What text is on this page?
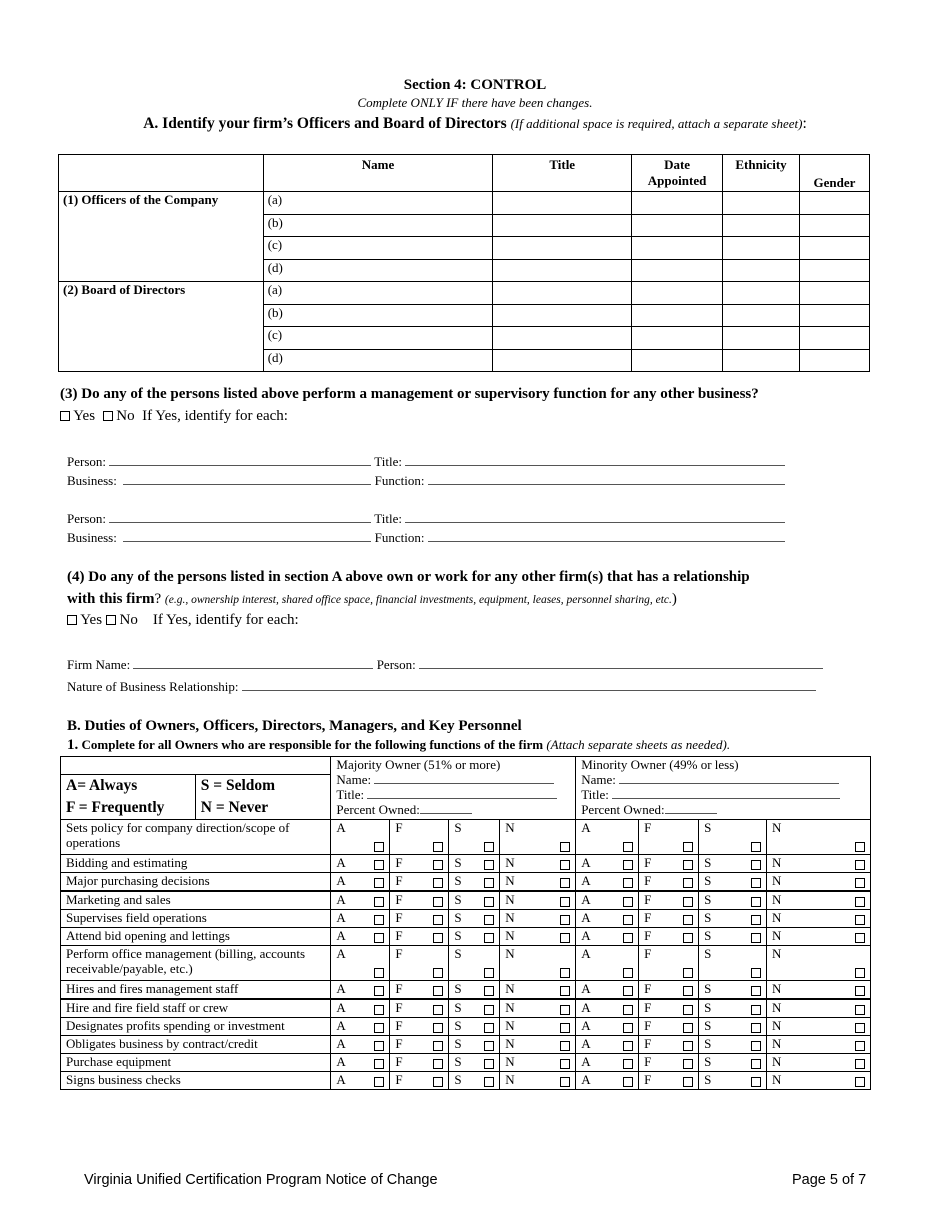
Section 4: CONTROL
Complete ONLY IF there have been changes.
A. Identify your firm’s Officers and Board of Directors (If additional space is required, attach a separate sheet):
	Name	Title	Date Appointed	Ethnicity	Gender
(1) Officers of the Company	(a)				
	(b)				
	(c)				
	(d)				
(2) Board of Directors	(a)				
	(b)				
	(c)				
	(d)				
(3) Do any of the persons listed above perform a management or supervisory function for any other business?
Yes No If Yes, identify for each:
Person:	Title:
Business:	Function:
Person:	Title:
Business:	Function:
(4) Do any of the persons listed in section A above own or work for any other firm(s) that has a relationship
with this firm? (e.g., ownership interest, shared office space, financial investments, equipment, leases, personnel sharing, etc.)
Yes No If Yes, identify for each:
Firm Name:	Person:
Nature of Business Relationship:
B. Duties of Owners, Officers, Directors, Managers, and Key Personnel
1. Complete for all Owners who are responsible for the following functions of the firm (Attach separate sheets as needed).

Majority Owner (51% or more)
Name:
Title:
Percent Owned:

Minority Owner (49% or less)
Name:
Title:
Percent Owned:

A= Always
F = Frequently

S = Seldom
N = Never

Sets policy for company direction/scope of operations		A	F	S	N	A	F	S	N

Bidding and estimating		A	F	S	N	A	F	S	N

Major purchasing decisions		A	F	S	N	A	F	S	N

Marketing and sales		A	F	S	N	A	F	S	N

Supervises field operations		A	F	S	N	A	F	S	N

Attend bid opening and lettings		A	F	S	N	A	F	S	N

Perform office management (billing, accounts receivable/payable, etc.)		A	F	S	N	A	F	S	N

Hires and fires management staff		A	F	S	N	A	F	S	N

Hire and fire field staff or crew		A	F	S	N	A	F	S	N

Designates profits spending or investment		A	F	S	N	A	F	S	N

Obligates business by contract/credit		A	F	S	N	A	F	S	N

Purchase equipment		A	F	S	N	A	F	S	N

Signs business checks		A	F	S	N	A	F	S	N
Virginia Unified Certification Program Notice of Change	Page 5 of 7
